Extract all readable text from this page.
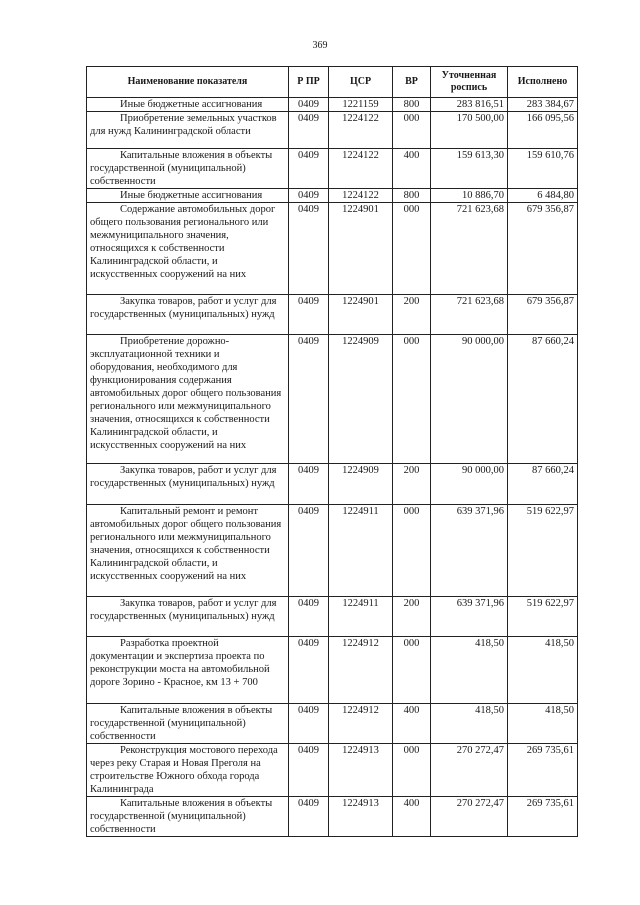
369
Наименование показателя	Р ПР	ЦСР	ВР	Уточненная роспись	Исполнено
Иные бюджетные ассигнования	0409	1221159	800	283 816,51	283 384,67
Приобретение земельных участков для нужд Калининградской области	0409	1224122	000	170 500,00	166 095,56
Капитальные вложения в объекты государственной (муниципальной) собственности	0409	1224122	400	159 613,30	159 610,76
Иные бюджетные ассигнования	0409	1224122	800	10 886,70	6 484,80
Содержание автомобильных дорог общего пользования регионального или межмуниципального значения, относящихся к собственности Калининградской области, и искусственных сооружений на них	0409	1224901	000	721 623,68	679 356,87
Закупка товаров, работ и услуг для государственных (муниципальных) нужд	0409	1224901	200	721 623,68	679 356,87
Приобретение дорожно-эксплуатационной техники и оборудования, необходимого для функционирования содержания автомобильных дорог общего пользования регионального или межмуниципального значения, относящихся к собственности Калининградской области, и искусственных сооружений на них	0409	1224909	000	90 000,00	87 660,24
Закупка товаров, работ и услуг для государственных (муниципальных) нужд	0409	1224909	200	90 000,00	87 660,24
Капитальный ремонт и ремонт автомобильных дорог общего пользования регионального или межмуниципального значения, относящихся к собственности Калининградской области, и искусственных сооружений на них	0409	1224911	000	639 371,96	519 622,97
Закупка товаров, работ и услуг для государственных (муниципальных) нужд	0409	1224911	200	639 371,96	519 622,97
Разработка проектной документации и экспертиза проекта по реконструкции моста на автомобильной дороге Зорино - Красное, км 13 + 700	0409	1224912	000	418,50	418,50
Капитальные вложения в объекты государственной (муниципальной) собственности	0409	1224912	400	418,50	418,50
Реконструкция мостового перехода через реку Старая и Новая Преголя на строительстве Южного обхода города Калининграда	0409	1224913	000	270 272,47	269 735,61
Капитальные вложения в объекты государственной (муниципальной) собственности	0409	1224913	400	270 272,47	269 735,61
